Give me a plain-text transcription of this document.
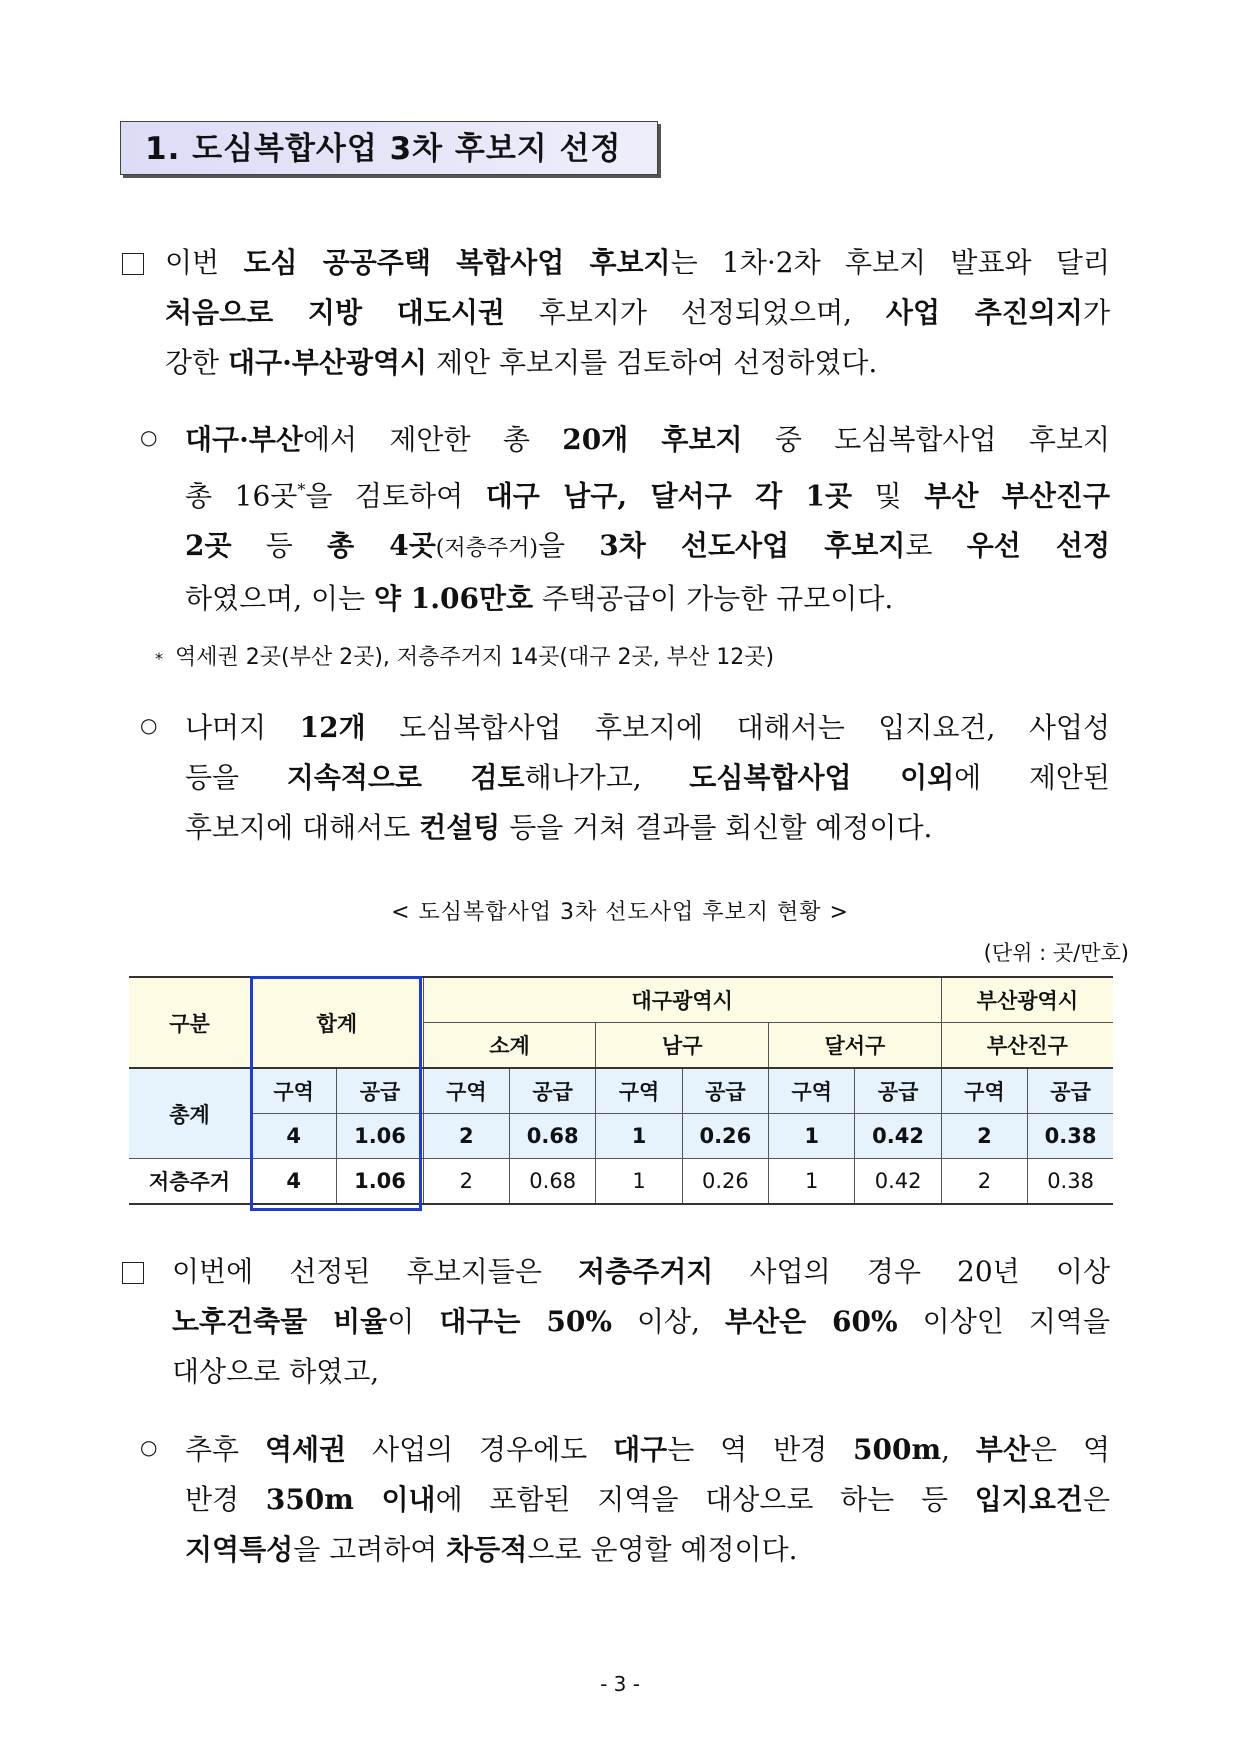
1. 도심복합사업 3차 후보지 선정
이번 도심 공공주택 복합사업 후보지는 1차·2차 후보지 발표와 달리
처음으로 지방 대도시권 후보지가 선정되었으며, 사업 추진의지가
강한 대구·부산광역시 제안 후보지를 검토하여 선정하였다.
○ 대구·부산에서 제안한 총 20개 후보지 중 도심복합사업 후보지
총 16곳*을 검토하여 대구 남구, 달서구 각 1곳 및 부산 부산진구
2곳 등 총 4곳(저층주거)을 3차 선도사업 후보지로 우선 선정
하였으며, 이는 약 1.06만호 주택공급이 가능한 규모이다.
* 역세권 2곳(부산 2곳), 저층주거지 14곳(대구 2곳, 부산 12곳)
○ 나머지 12개 도심복합사업 후보지에 대해서는 입지요건, 사업성
등을 지속적으로 검토해나가고, 도심복합사업 이외에 제안된
후보지에 대해서도 컨설팅 등을 거쳐 결과를 회신할 예정이다.
< 도심복합사업 3차 선도사업 후보지 현황 >
(단위 : 곳/만호)
구분	합계		대구광역시						부산광역시	
			소계		남구		달서구		부산진구	
총계	구역	공급	구역	공급	구역	공급	구역	공급	구역	공급
	4	1.06	2	0.68	1	0.26	1	0.42	2	0.38
저층주거	4	1.06	2	0.68	1	0.26	1	0.42	2	0.38
이번에 선정된 후보지들은 저층주거지 사업의 경우 20년 이상
노후건축물 비율이 대구는 50% 이상, 부산은 60% 이상인 지역을
대상으로 하였고,
○ 추후 역세권 사업의 경우에도 대구는 역 반경 500m, 부산은 역
반경 350m 이내에 포함된 지역을 대상으로 하는 등 입지요건은
지역특성을 고려하여 차등적으로 운영할 예정이다.
- 3 -
